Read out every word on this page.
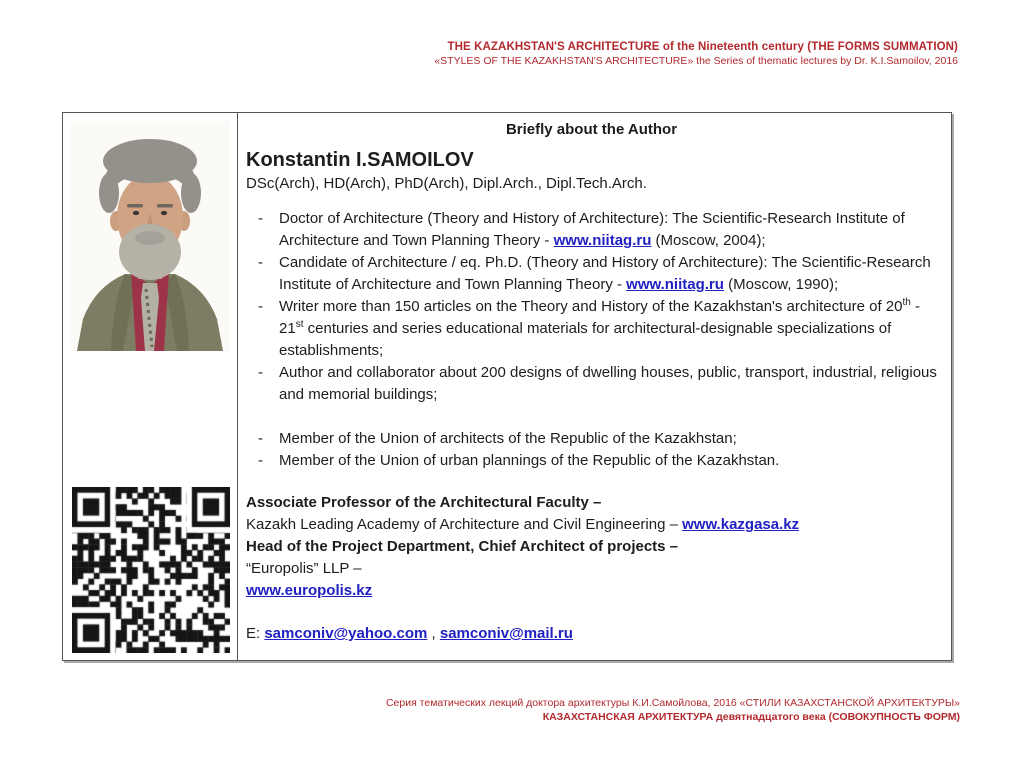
THE KAZAKHSTAN'S ARCHITECTURE of the Nineteenth century (THE FORMS SUMMATION)
«STYLES OF THE KAZAKHSTAN'S ARCHITECTURE» the Series of thematic lectures by Dr. K.I.Samoilov, 2016
Briefly about the Author
Konstantin I.SAMOILOV
DSc(Arch), HD(Arch), PhD(Arch), Dipl.Arch., Dipl.Tech.Arch.
-	Doctor of Architecture (Theory and History of Architecture): The Scientific-Research Institute of Architecture and Town Planning Theory - www.niitag.ru (Moscow, 2004);
-	Candidate of Architecture / eq. Ph.D. (Theory and History of Architecture): The Scientific-Research Institute of Architecture and Town Planning Theory - www.niitag.ru (Moscow, 1990);
-	Writer more than 150 articles on the Theory and History of the Kazakhstan's architecture of 20th - 21st centuries and series educational materials for architectural-designable specializations of establishments;
-	Author and collaborator about 200 designs of dwelling houses, public, transport, industrial, religious and memorial buildings;
-	Member of the Union of architects of the Republic of the Kazakhstan;
-	Member of the Union of urban plannings of the Republic of the Kazakhstan.
Associate Professor of the Architectural Faculty –
Kazakh Leading Academy of Architecture and Civil Engineering – www.kazgasa.kz
Head of the Project Department, Chief Architect of projects –
“Europolis” LLP –
www.europolis.kz
E: samconiv@yahoo.com , samconiv@mail.ru
Серия тематических лекций доктора архитектуры К.И.Самойлова, 2016 «СТИЛИ КАЗАХСТАНСКОЙ АРХИТЕКТУРЫ»
КАЗАХСТАНСКАЯ АРХИТЕКТУРА девятнадцатого века (СОВОКУПНОСТЬ ФОРМ)
